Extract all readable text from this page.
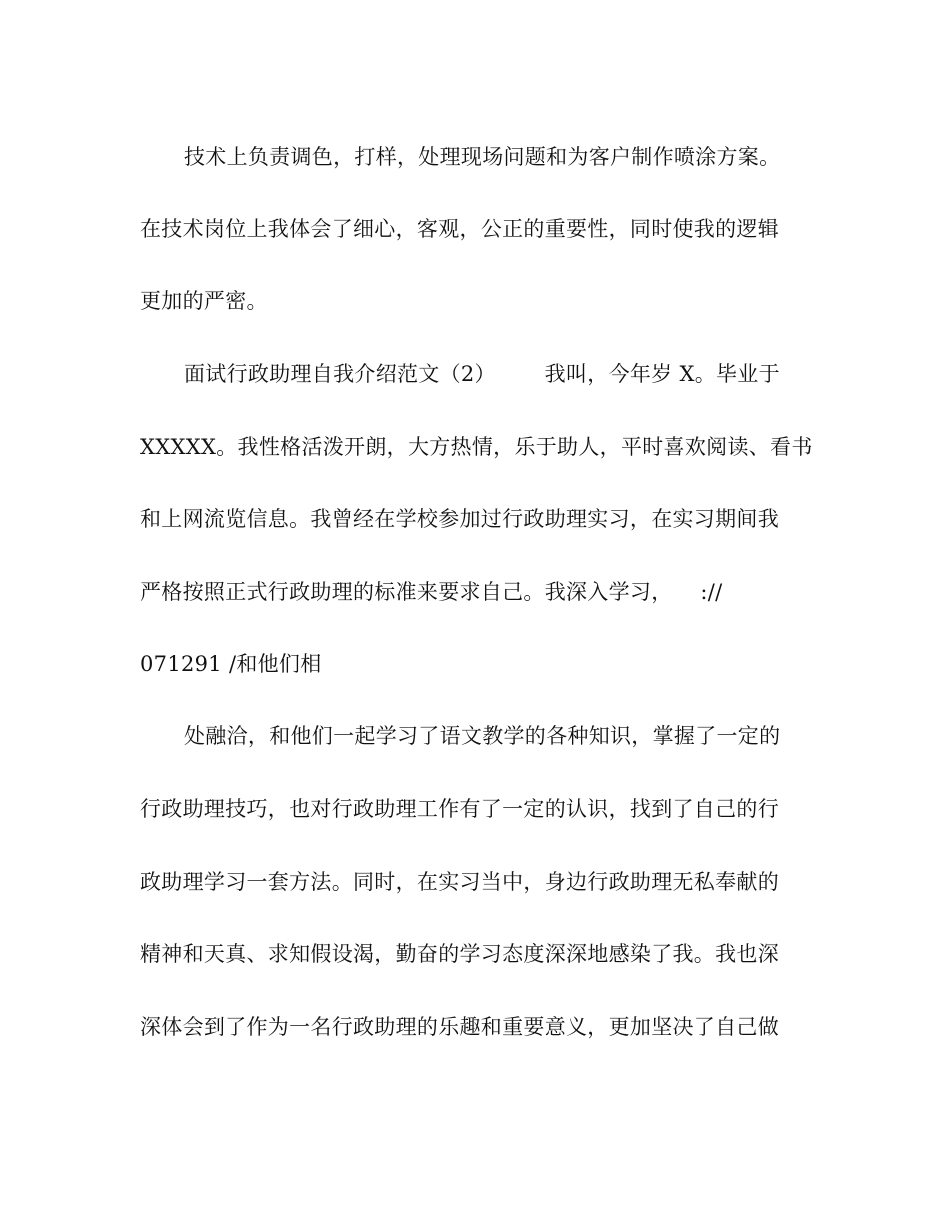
技术上负责调色，打样，处理现场问题和为客户制作喷涂方案。

在技术岗位上我体会了细心，客观，公正的重要性，同时使我的逻辑

更加的严密。

面试行政助理自我介绍范文（2）       我叫，今年岁 X。毕业于

XXXXX。我性格活泼开朗，大方热情，乐于助人，平时喜欢阅读、看书

和上网流览信息。我曾经在学校参加过行政助理实习，在实习期间我

严格按照正式行政助理的标准来要求自己。我深入学习，    ://

071291 /和他们相

处融洽，和他们一起学习了语文教学的各种知识，掌握了一定的

行政助理技巧，也对行政助理工作有了一定的认识，找到了自己的行

政助理学习一套方法。同时，在实习当中，身边行政助理无私奉献的

精神和天真、求知假设渴，勤奋的学习态度深深地感染了我。我也深

深体会到了作为一名行政助理的乐趣和重要意义，更加坚决了自己做
